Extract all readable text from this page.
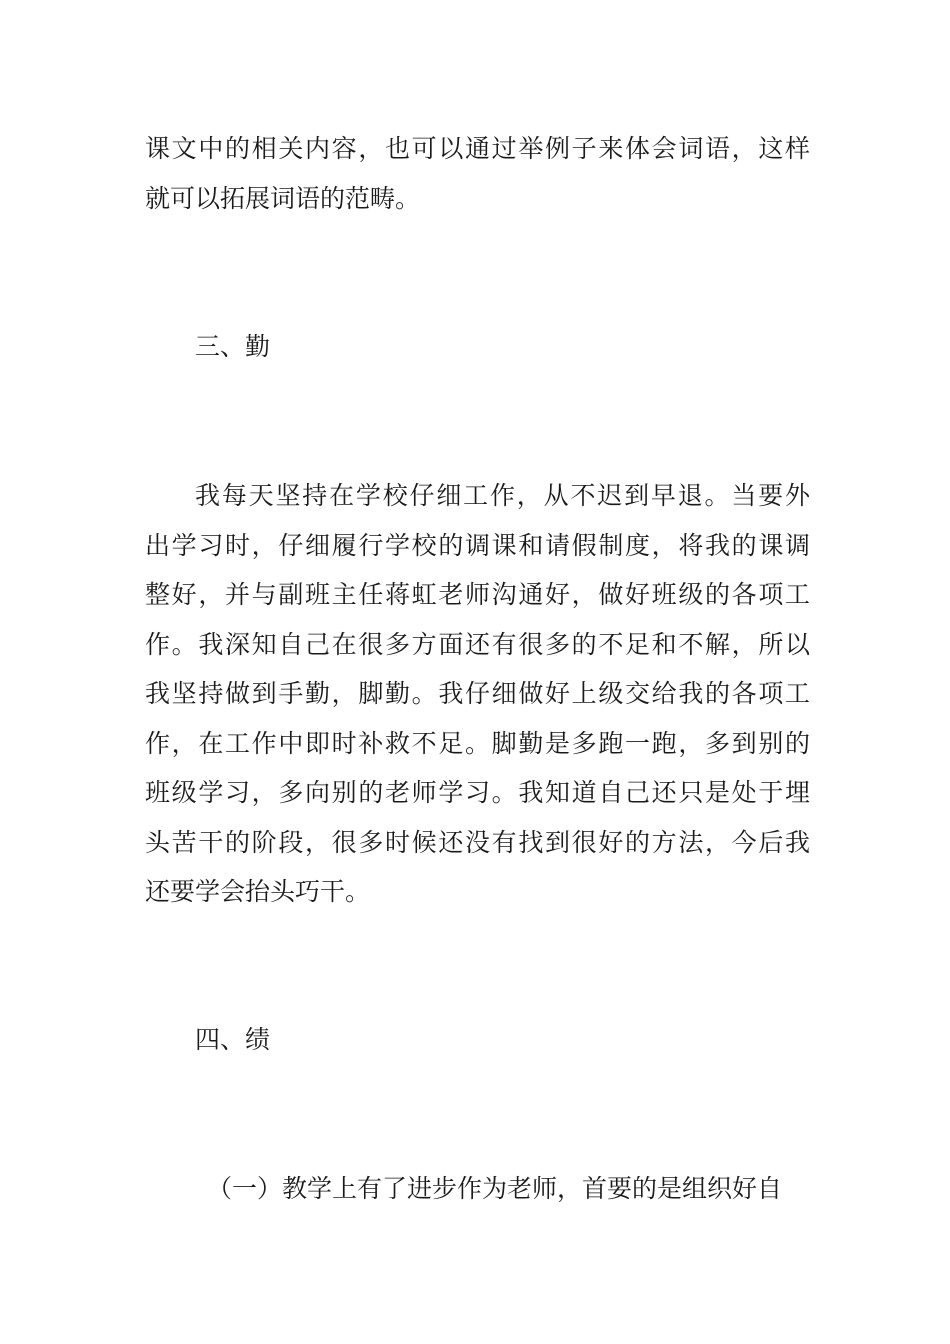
课文中的相关内容，也可以通过举例子来体会词语，这样
就可以拓展词语的范畴。
三、勤
我每天坚持在学校仔细工作，从不迟到早退。当要外
出学习时，仔细履行学校的调课和请假制度，将我的课调
整好，并与副班主任蒋虹老师沟通好，做好班级的各项工
作。我深知自己在很多方面还有很多的不足和不解，所以
我坚持做到手勤，脚勤。我仔细做好上级交给我的各项工
作，在工作中即时补救不足。脚勤是多跑一跑，多到别的
班级学习，多向别的老师学习。我知道自己还只是处于埋
头苦干的阶段，很多时候还没有找到很好的方法，今后我
还要学会抬头巧干。
四、绩
（一）教学上有了进步作为老师，首要的是组织好自
